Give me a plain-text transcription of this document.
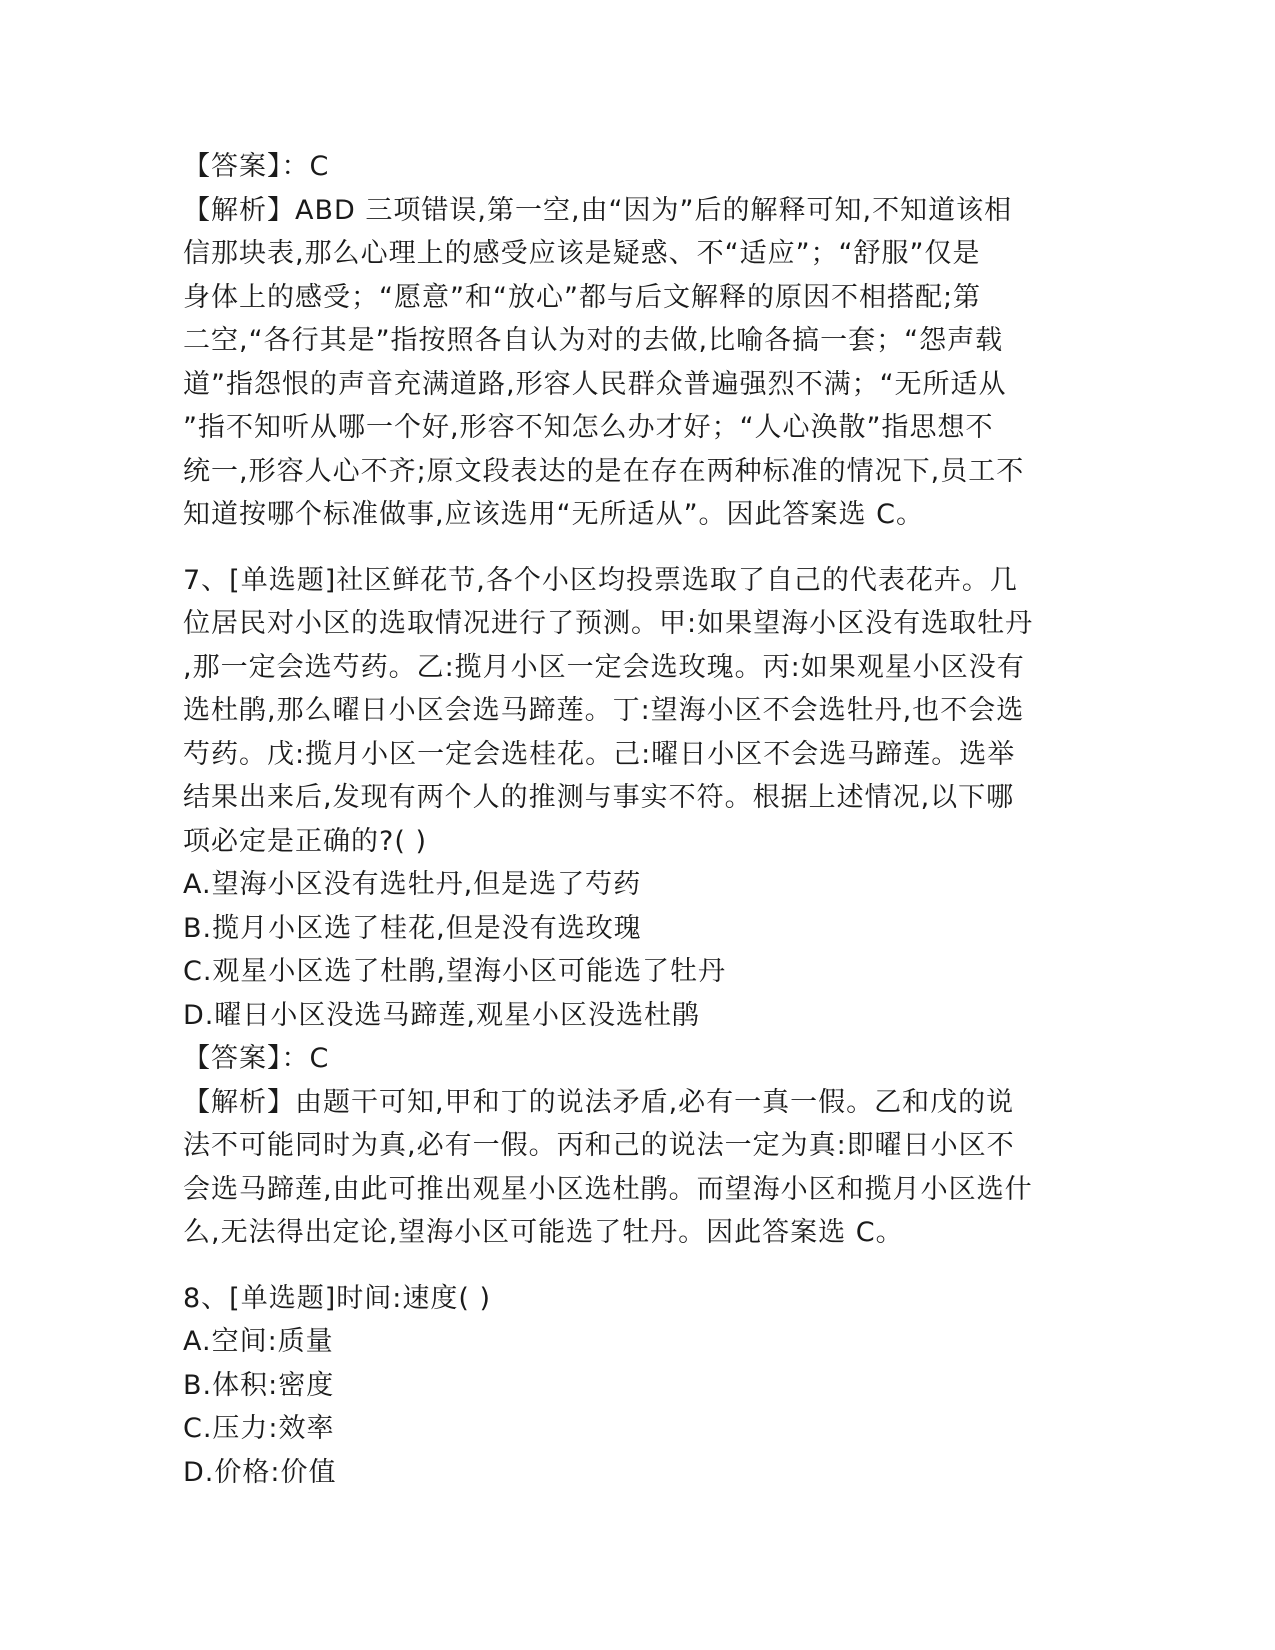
【答案】：C

【解析】ABD 三项错误,第一空,由“因为”后的解释可知,不知道该相

信那块表,那么心理上的感受应该是疑惑、不“适应”；“舒服”仅是

身体上的感受；“愿意”和“放心”都与后文解释的原因不相搭配;第

二空,“各行其是”指按照各自认为对的去做,比喻各搞一套；“怨声载

道”指怨恨的声音充满道路,形容人民群众普遍强烈不满；“无所适从

”指不知听从哪一个好,形容不知怎么办才好；“人心涣散”指思想不

统一,形容人心不齐;原文段表达的是在存在两种标准的情况下,员工不

知道按哪个标准做事,应该选用“无所适从”。因此答案选 C。

7、[单选题]社区鲜花节,各个小区均投票选取了自己的代表花卉。几

位居民对小区的选取情况进行了预测。甲:如果望海小区没有选取牡丹

,那一定会选芍药。乙:揽月小区一定会选玫瑰。丙:如果观星小区没有

选杜鹃,那么曜日小区会选马蹄莲。丁:望海小区不会选牡丹,也不会选

芍药。戊:揽月小区一定会选桂花。己:曜日小区不会选马蹄莲。选举

结果出来后,发现有两个人的推测与事实不符。根据上述情况,以下哪

项必定是正确的?( )

A.望海小区没有选牡丹,但是选了芍药

B.揽月小区选了桂花,但是没有选玫瑰

C.观星小区选了杜鹃,望海小区可能选了牡丹

D.曜日小区没选马蹄莲,观星小区没选杜鹃

【答案】：C

【解析】由题干可知,甲和丁的说法矛盾,必有一真一假。乙和戊的说

法不可能同时为真,必有一假。丙和己的说法一定为真:即曜日小区不

会选马蹄莲,由此可推出观星小区选杜鹃。而望海小区和揽月小区选什

么,无法得出定论,望海小区可能选了牡丹。因此答案选 C。

8、[单选题]时间:速度( )

A.空间:质量

B.体积:密度

C.压力:效率

D.价格:价值
